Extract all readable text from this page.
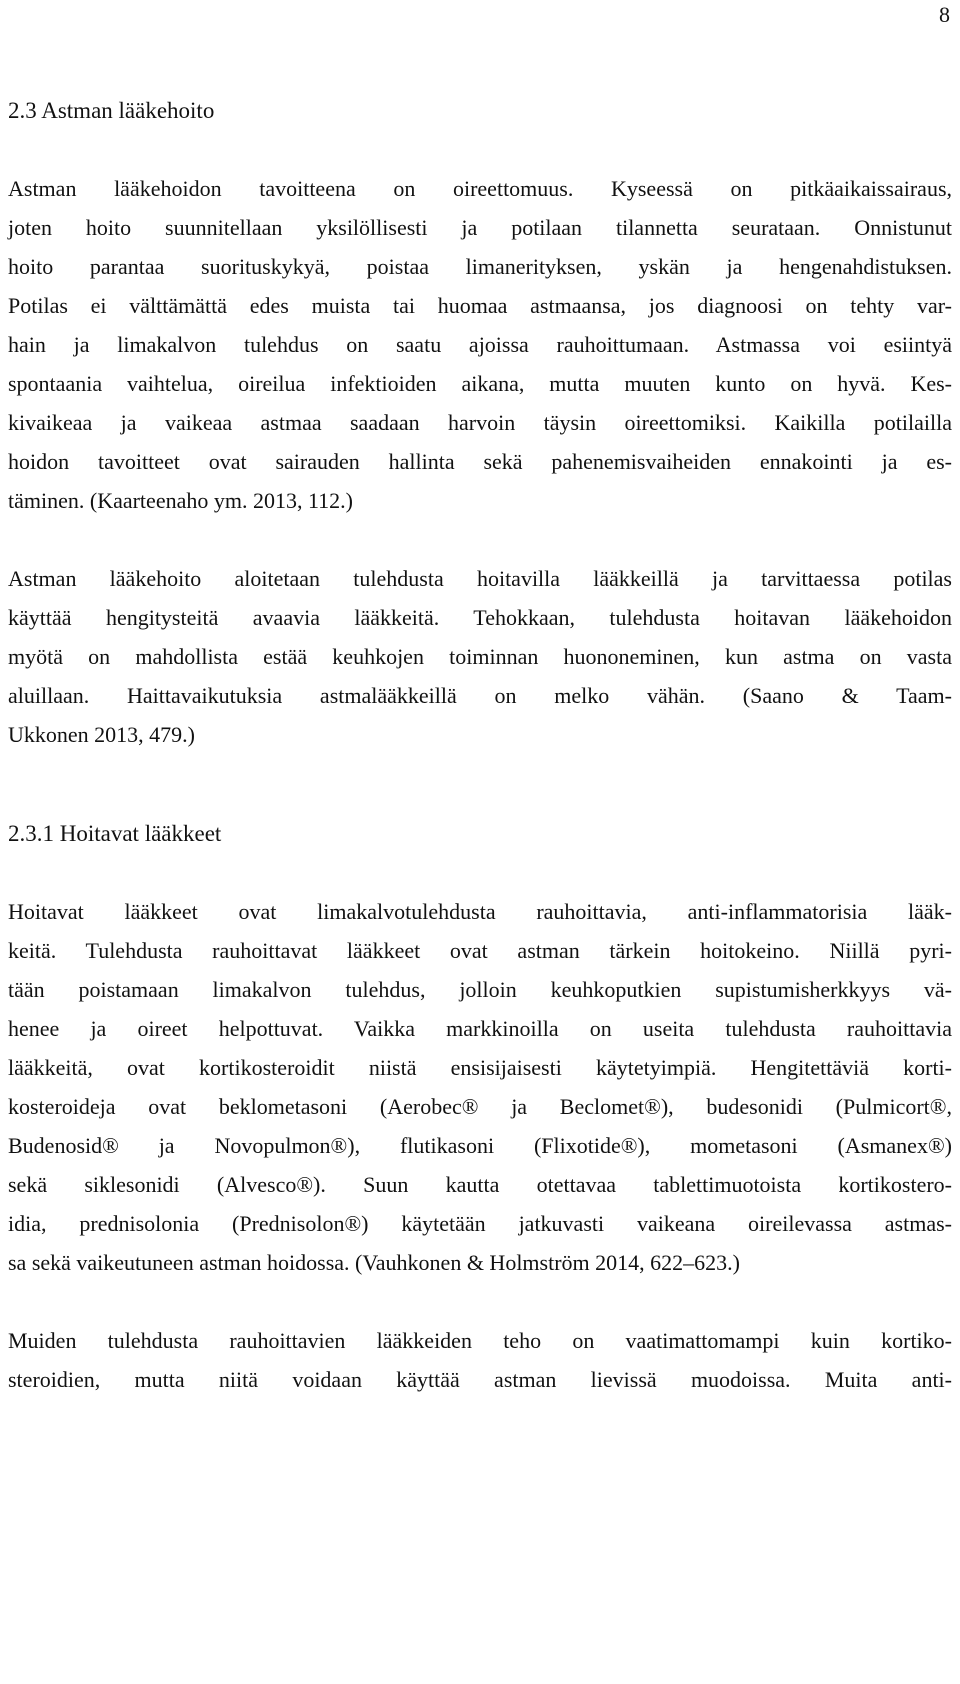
8
2.3 Astman lääkehoito
Astman lääkehoidon tavoitteena on oireettomuus. Kyseessä on pitkäaikaissairaus,
joten hoito suunnitellaan yksilöllisesti ja potilaan tilannetta seurataan. Onnistunut
hoito parantaa suorituskykyä, poistaa limanerityksen, yskän ja hengenahdistuksen.
Potilas ei välttämättä edes muista tai huomaa astmaansa, jos diagnoosi on tehty var-
hain ja limakalvon tulehdus on saatu ajoissa rauhoittumaan. Astmassa voi esiintyä
spontaania vaihtelua, oireilua infektioiden aikana, mutta muuten kunto on hyvä. Kes-
kivaikeaa ja vaikeaa astmaa saadaan harvoin täysin oireettomiksi. Kaikilla potilailla
hoidon tavoitteet ovat sairauden hallinta sekä pahenemisvaiheiden ennakointi ja es-
täminen. (Kaarteenaho ym. 2013, 112.)
Astman lääkehoito aloitetaan tulehdusta hoitavilla lääkkeillä ja tarvittaessa potilas
käyttää hengitysteitä avaavia lääkkeitä. Tehokkaan, tulehdusta hoitavan lääkehoidon
myötä on mahdollista estää keuhkojen toiminnan huononeminen, kun astma on vasta
aluillaan. Haittavaikutuksia astmalääkkeillä on melko vähän. (Saano & Taam-
Ukkonen 2013, 479.)
2.3.1 Hoitavat lääkkeet
Hoitavat lääkkeet ovat limakalvotulehdusta rauhoittavia, anti-inflammatorisia lääk-
keitä. Tulehdusta rauhoittavat lääkkeet ovat astman tärkein hoitokeino. Niillä pyri-
tään poistamaan limakalvon tulehdus, jolloin keuhkoputkien supistumisherkkyys vä-
henee ja oireet helpottuvat. Vaikka markkinoilla on useita tulehdusta rauhoittavia
lääkkeitä, ovat kortikosteroidit niistä ensisijaisesti käytetyimpiä. Hengitettäviä korti-
kosteroideja ovat beklometasoni (Aerobec® ja Beclomet®), budesonidi (Pulmicort®,
Budenosid® ja Novopulmon®), flutikasoni (Flixotide®), mometasoni (Asmanex®)
sekä siklesonidi (Alvesco®). Suun kautta otettavaa tablettimuotoista kortikostero-
idia, prednisolonia (Prednisolon®) käytetään jatkuvasti vaikeana oireilevassa astmas-
sa sekä vaikeutuneen astman hoidossa. (Vauhkonen & Holmström 2014, 622–623.)
Muiden tulehdusta rauhoittavien lääkkeiden teho on vaatimattomampi kuin kortiko-
steroidien, mutta niitä voidaan käyttää astman lievissä muodoissa. Muita anti-
